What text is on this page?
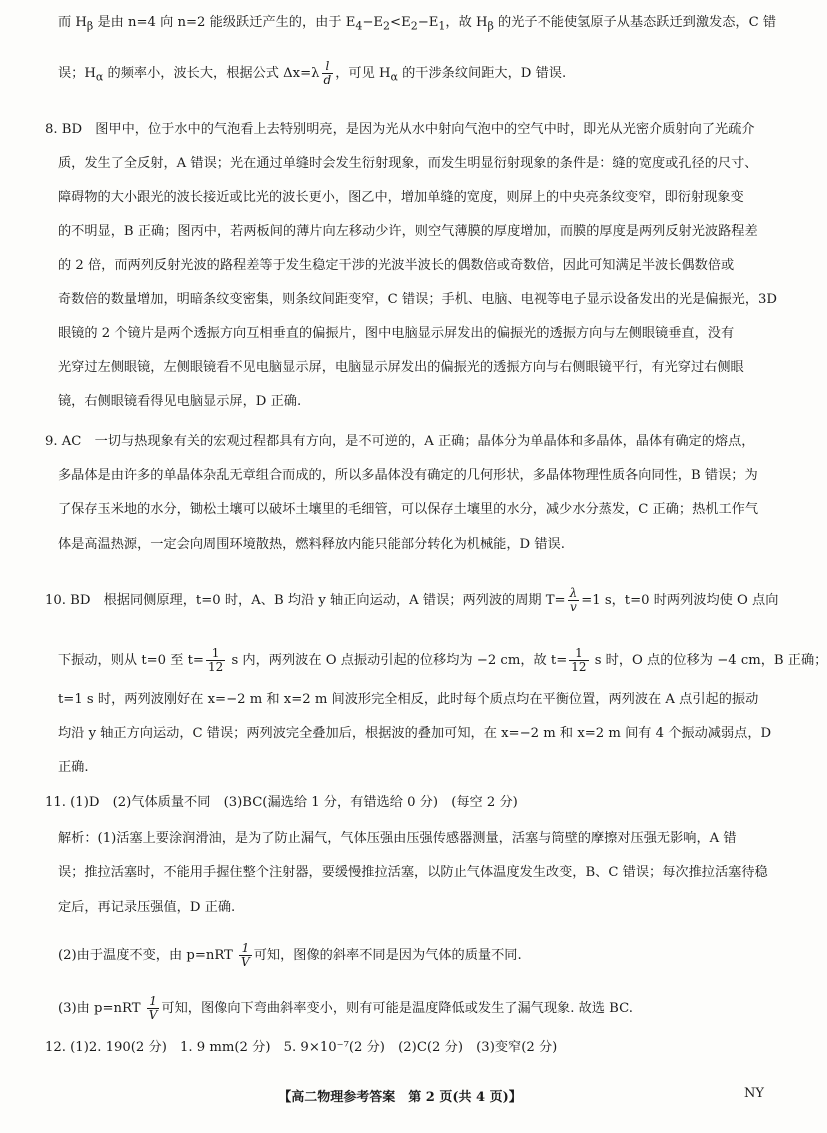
而 $H_\beta$ 是由 n=4 向 n=2 能级跃迁产生的，由于 $E_4-E_2<E_2-E_1$，故 $H_\beta$ 的光子不能使氢原子从基态跃迁到激发态，C 错
误；$H_\alpha$ 的频率小，波长大，根据公式 $\Delta x=\lambda \frac{l}{d}$ ，可见 $H_\alpha$ 的干涉条纹间距大，D 错误.
8. BD　图甲中，位于水中的气泡看上去特别明亮，是因为光从水中射向气泡中的空气中时，即光从光密介质射向了光疏介
质，发生了全反射，A 错误；光在通过单缝时会发生衍射现象，而发生明显衍射现象的条件是：缝的宽度或孔径的尺寸、
障碍物的大小跟光的波长接近或比光的波长更小，图乙中，增加单缝的宽度，则屏上的中央亮条纹变窄，即衍射现象变
的不明显，B 正确；图丙中，若两板间的薄片向左移动少许，则空气薄膜的厚度增加，而膜的厚度是两列反射光波路程差
的 2 倍，而两列反射光波的路程差等于发生稳定干涉的光波半波长的偶数倍或奇数倍，因此可知满足半波长偶数倍或
奇数倍的数量增加，明暗条纹变密集，则条纹间距变窄，C 错误；手机、电脑、电视等电子显示设备发出的光是偏振光，3D
眼镜的 2 个镜片是两个透振方向互相垂直的偏振片，图中电脑显示屏发出的偏振光的透振方向与左侧眼镜垂直，没有
光穿过左侧眼镜，左侧眼镜看不见电脑显示屏，电脑显示屏发出的偏振光的透振方向与右侧眼镜平行，有光穿过右侧眼
镜，右侧眼镜看得见电脑显示屏，D 正确.
9. AC　一切与热现象有关的宏观过程都具有方向，是不可逆的，A 正确；晶体分为单晶体和多晶体，晶体有确定的熔点，
多晶体是由许多的单晶体杂乱无章组合而成的，所以多晶体没有确定的几何形状，多晶体物理性质各向同性，B 错误；为
了保存玉米地的水分，锄松土壤可以破坏土壤里的毛细管，可以保存土壤里的水分，减少水分蒸发，C 正确；热机工作气
体是高温热源，一定会向周围环境散热，燃料释放内能只能部分转化为机械能，D 错误.
10. BD　根据同侧原理，t=0 时，A、B 均沿 y 轴正向运动，A 错误；两列波的周期 $T= \frac{\lambda}{v} =1$ s，t=0 时两列波均使 O 点向
下振动，则从 t=0 至 $t= \frac{1}{12}$ s 内，两列波在 O 点振动引起的位移均为 −2 cm，故 $t= \frac{1}{12}$ s 时，O 点的位移为 −4 cm，B 正确；
t=1 s 时，两列波刚好在 x=−2 m 和 x=2 m 间波形完全相反，此时每个质点均在平衡位置，两列波在 A 点引起的振动
均沿 y 轴正方向运动，C 错误；两列波完全叠加后，根据波的叠加可知，在 x=−2 m 和 x=2 m 间有 4 个振动减弱点，D
正确.
11. (1)D　(2)气体质量不同　(3)BC(漏选给 1 分，有错选给 0 分)　(每空 2 分)
解析：(1)活塞上要涂润滑油，是为了防止漏气，气体压强由压强传感器测量，活塞与筒壁的摩擦对压强无影响，A 错
误；推拉活塞时，不能用手握住整个注射器，要缓慢推拉活塞，以防止气体温度发生改变，B、C 错误；每次推拉活塞待稳
定后，再记录压强值，D 正确.
(2)由于温度不变，由 $p=nRT \frac{1}{V}$ 可知，图像的斜率不同是因为气体的质量不同.
(3)由 $p=nRT \frac{1}{V}$ 可知，图像向下弯曲斜率变小，则有可能是温度降低或发生了漏气现象. 故选 BC.
12. (1)2. 190(2 分)　1. 9 mm(2 分)　5. 9×10⁻⁷(2 分)　(2)C(2 分)　(3)变窄(2 分)
【高二物理参考答案　第 2 页(共 4 页)】	NY
